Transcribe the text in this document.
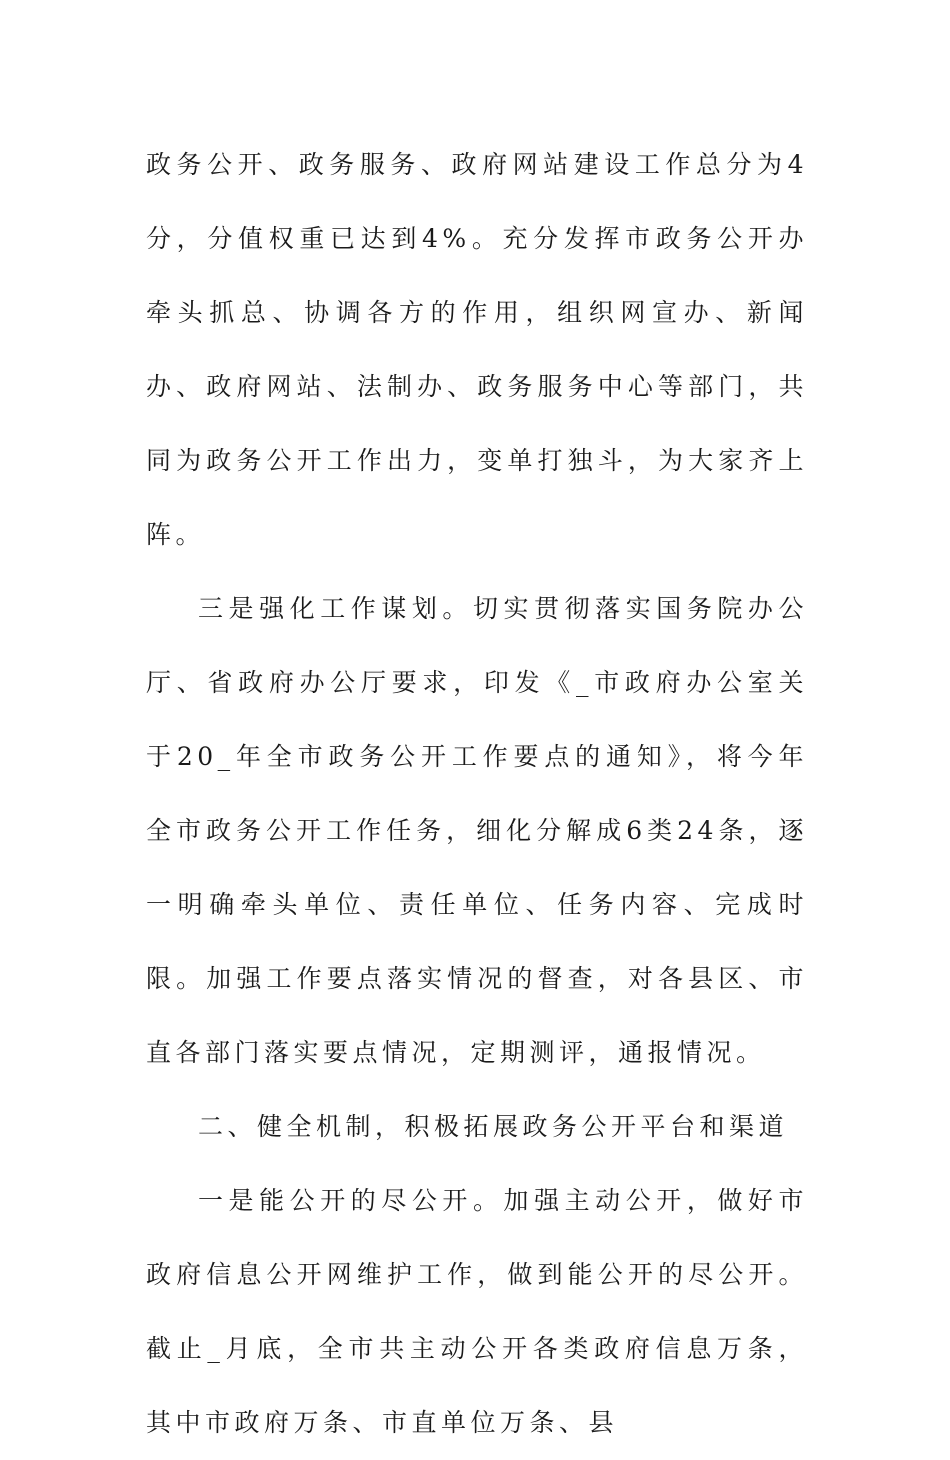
政务公开、政务服务、政府网站建设工作总分为4分，分值权重已达到4%。充分发挥市政务公开办牵头抓总、协调各方的作用，组织网宣办、新闻办、政府网站、法制办、政务服务中心等部门，共同为政务公开工作出力，变单打独斗，为大家齐上阵。

三是强化工作谋划。切实贯彻落实国务院办公厅、省政府办公厅要求，印发《_市政府办公室关于20_年全市政务公开工作要点的通知》，将今年全市政务公开工作任务，细化分解成6类24条，逐一明确牵头单位、责任单位、任务内容、完成时限。加强工作要点落实情况的督查，对各县区、市直各部门落实要点情况，定期测评，通报情况。

二、健全机制，积极拓展政务公开平台和渠道

一是能公开的尽公开。加强主动公开，做好市政府信息公开网维护工作，做到能公开的尽公开。截止_月底，全市共主动公开各类政府信息万条，其中市政府万条、市直单位万条、县
